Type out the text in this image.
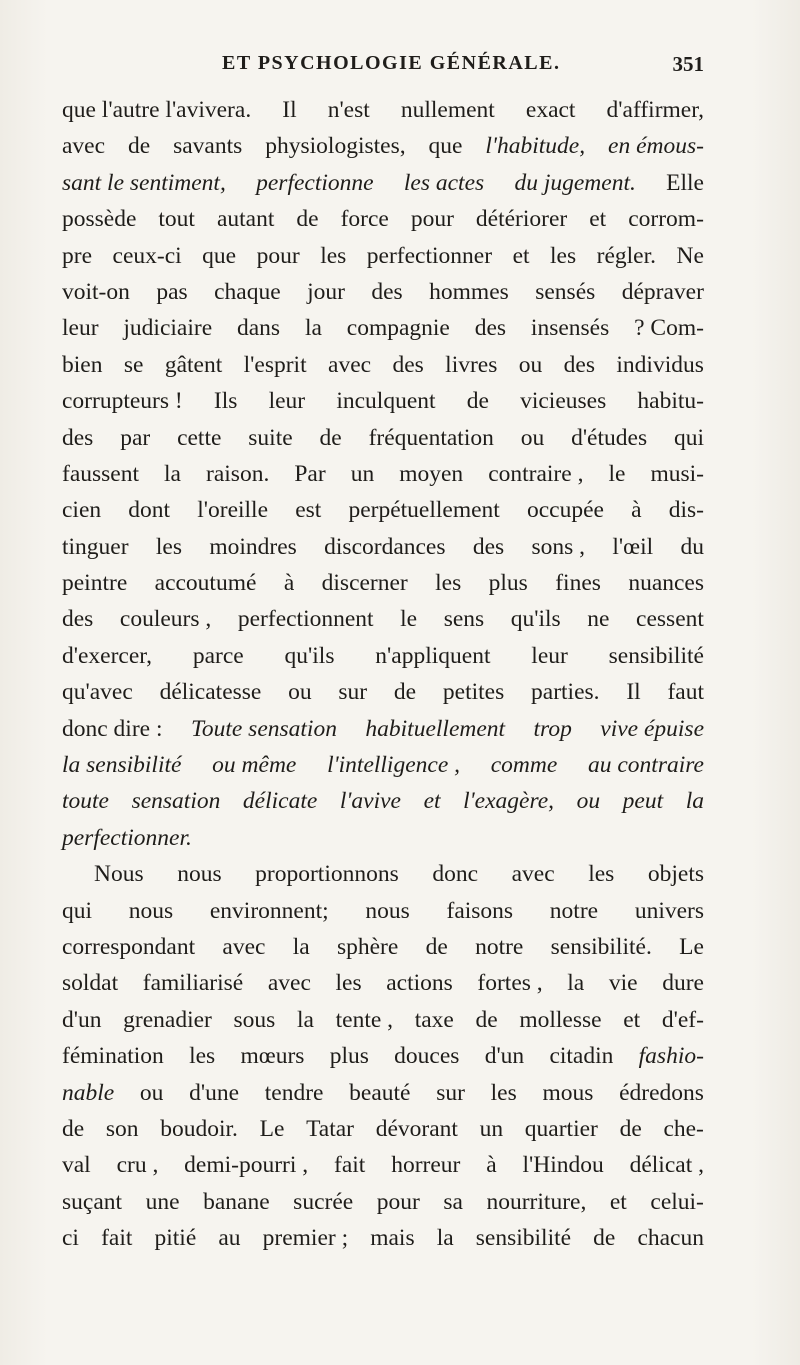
ET PSYCHOLOGIE GÉNÉRALE.	351
que l'autre l'avivera. Il n'est nullement exact d'affirmer,
avec de savants physiologistes, que l'habitude, en émous-
sant le sentiment, perfectionne les actes du jugement. Elle
possède tout autant de force pour détériorer et corrom-
pre ceux-ci que pour les perfectionner et les régler. Ne
voit-on pas chaque jour des hommes sensés dépraver
leur judiciaire dans la compagnie des insensés ? Com-
bien se gâtent l'esprit avec des livres ou des individus
corrupteurs ! Ils leur inculquent de vicieuses habitu-
des par cette suite de fréquentation ou d'études qui
faussent la raison. Par un moyen contraire , le musi-
cien dont l'oreille est perpétuellement occupée à dis-
tinguer les moindres discordances des sons , l'œil du
peintre accoutumé à discerner les plus fines nuances
des couleurs , perfectionnent le sens qu'ils ne cessent
d'exercer, parce qu'ils n'appliquent leur sensibilité
qu'avec délicatesse ou sur de petites parties. Il faut
donc dire : Toute sensation habituellement trop vive épuise
la sensibilité ou même l'intelligence , comme au contraire
toute sensation délicate l'avive et l'exagère, ou peut la
perfectionner.
Nous nous proportionnons donc avec les objets
qui nous environnent; nous faisons notre univers
correspondant avec la sphère de notre sensibilité. Le
soldat familiarisé avec les actions fortes , la vie dure
d'un grenadier sous la tente , taxe de mollesse et d'ef-
fémination les mœurs plus douces d'un citadin fashio-
nable ou d'une tendre beauté sur les mous édredons
de son boudoir. Le Tatar dévorant un quartier de che-
val cru , demi-pourri , fait horreur à l'Hindou délicat ,
suçant une banane sucrée pour sa nourriture, et celui-
ci fait pitié au premier ; mais la sensibilité de chacun
